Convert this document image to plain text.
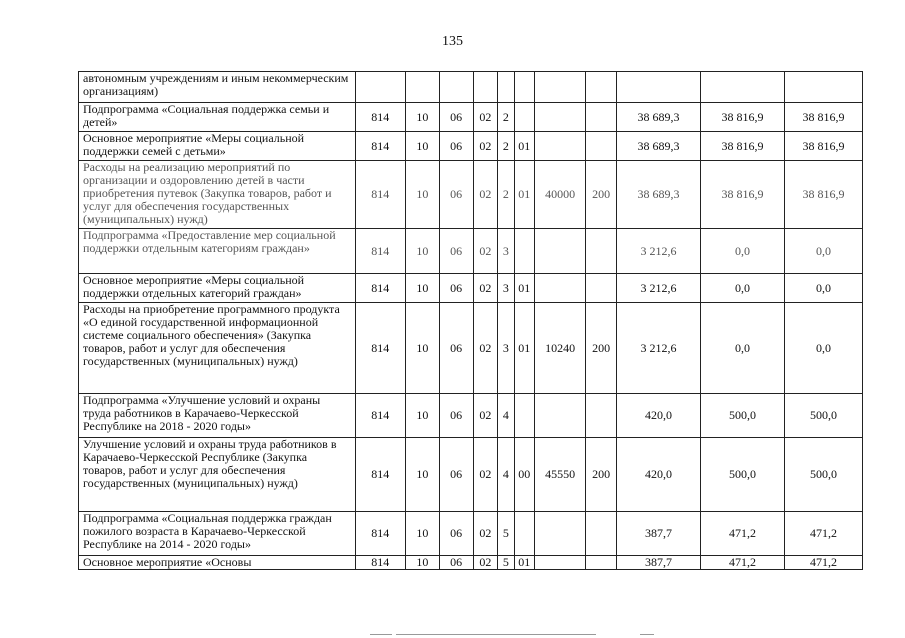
135
автономным учреждениям и иным некоммерческим организациям)											
Подпрограмма «Социальная поддержка семьи и детей»	814	10	06	02	2				38 689,3	38 816,9	38 816,9
Основное мероприятие «Меры социальной поддержки семей с детьми»	814	10	06	02	2	01			38 689,3	38 816,9	38 816,9
Расходы на реализацию мероприятий по организации и оздоровлению детей в части приобретения путевок (Закупка товаров, работ и услуг для обеспечения государственных (муниципальных) нужд)	814	10	06	02	2	01	40000	200	38 689,3	38 816,9	38 816,9
Подпрограмма «Предоставление мер социальной поддержки отдельным категориям граждан»	814	10	06	02	3				3 212,6	0,0	0,0
Основное мероприятие «Меры социальной поддержки отдельных категорий граждан»	814	10	06	02	3	01			3 212,6	0,0	0,0
Расходы на приобретение программного продукта «О единой государственной информационной системе социального обеспечения» (Закупка товаров, работ и услуг для обеспечения государственных (муниципальных) нужд)	814	10	06	02	3	01	10240	200	3 212,6	0,0	0,0
Подпрограмма «Улучшение условий и охраны труда работников в Карачаево-Черкесской Республике на 2018 - 2020 годы»	814	10	06	02	4				420,0	500,0	500,0
Улучшение условий и охраны труда работников в Карачаево-Черкесской Республике (Закупка товаров, работ и услуг для обеспечения государственных (муниципальных) нужд)	814	10	06	02	4	00	45550	200	420,0	500,0	500,0
Подпрограмма «Социальная поддержка граждан пожилого возраста в Карачаево-Черкесской Республике на 2014 - 2020 годы»	814	10	06	02	5				387,7	471,2	471,2
Основное мероприятие «Основы	814	10	06	02	5	01			387,7	471,2	471,2
